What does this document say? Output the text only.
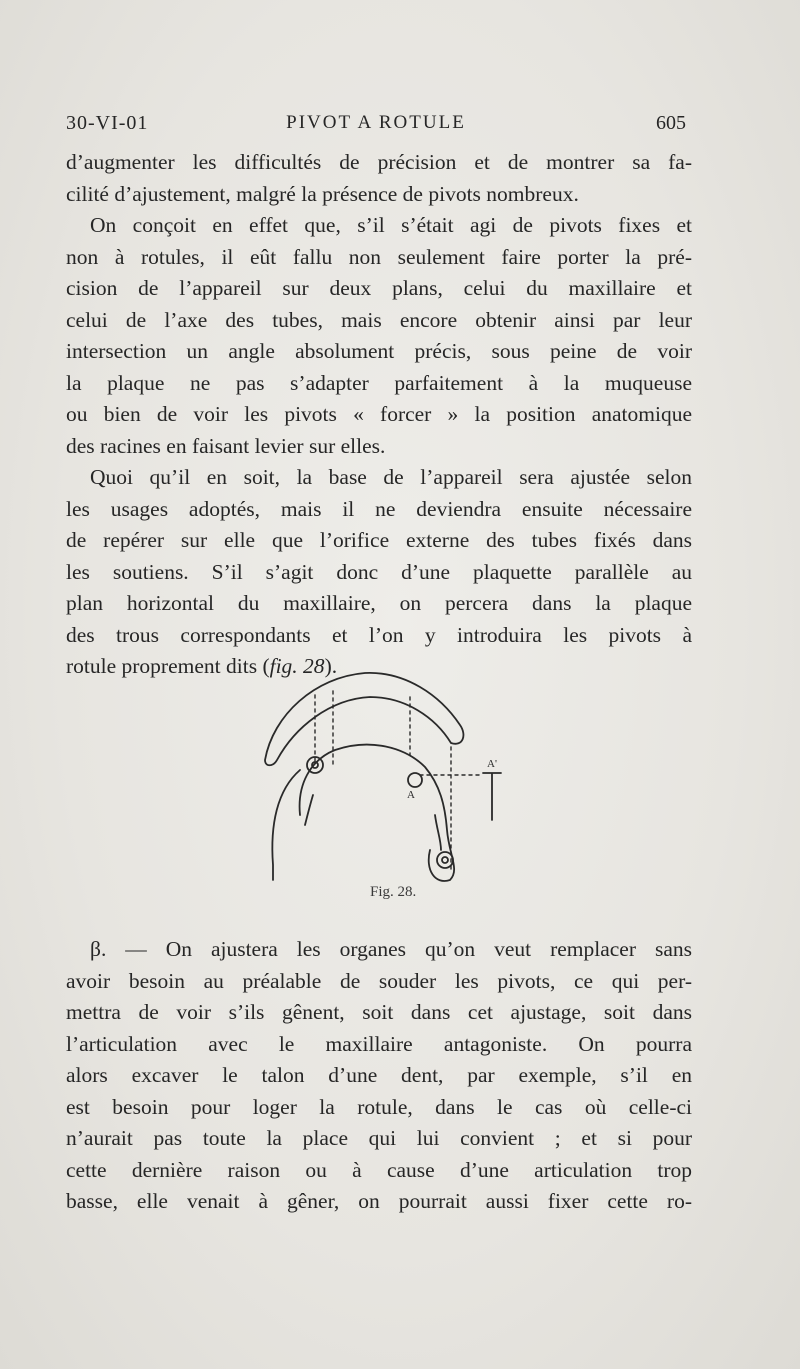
30-VI-01	PIVOT A ROTULE	605
d’augmenter les difficultés de précision et de montrer sa fa-
cilité d’ajustement, malgré la présence de pivots nombreux.
On conçoit en effet que, s’il s’était agi de pivots fixes et
non à rotules, il eût fallu non seulement faire porter la pré-
cision de l’appareil sur deux plans, celui du maxillaire et
celui de l’axe des tubes, mais encore obtenir ainsi par leur
intersection un angle absolument précis, sous peine de voir
la plaque ne pas s’adapter parfaitement à la muqueuse
ou bien de voir les pivots « forcer » la position anatomique
des racines en faisant levier sur elles.
Quoi qu’il en soit, la base de l’appareil sera ajustée selon
les usages adoptés, mais il ne deviendra ensuite nécessaire
de repérer sur elle que l’orifice externe des tubes fixés dans
les soutiens. S’il s’agit donc d’une plaquette parallèle au
plan horizontal du maxillaire, on percera dans la plaque
des trous correspondants et l’on y introduira les pivots à
rotule proprement dits (fig. 28).
A
A'
Fig. 28.
β. — On ajustera les organes qu’on veut remplacer sans
avoir besoin au préalable de souder les pivots, ce qui per-
mettra de voir s’ils gênent, soit dans cet ajustage, soit dans
l’articulation avec le maxillaire antagoniste. On pourra
alors excaver le talon d’une dent, par exemple, s’il en
est besoin pour loger la rotule, dans le cas où celle-ci
n’aurait pas toute la place qui lui convient ; et si pour
cette dernière raison ou à cause d’une articulation trop
basse, elle venait à gêner, on pourrait aussi fixer cette ro-
